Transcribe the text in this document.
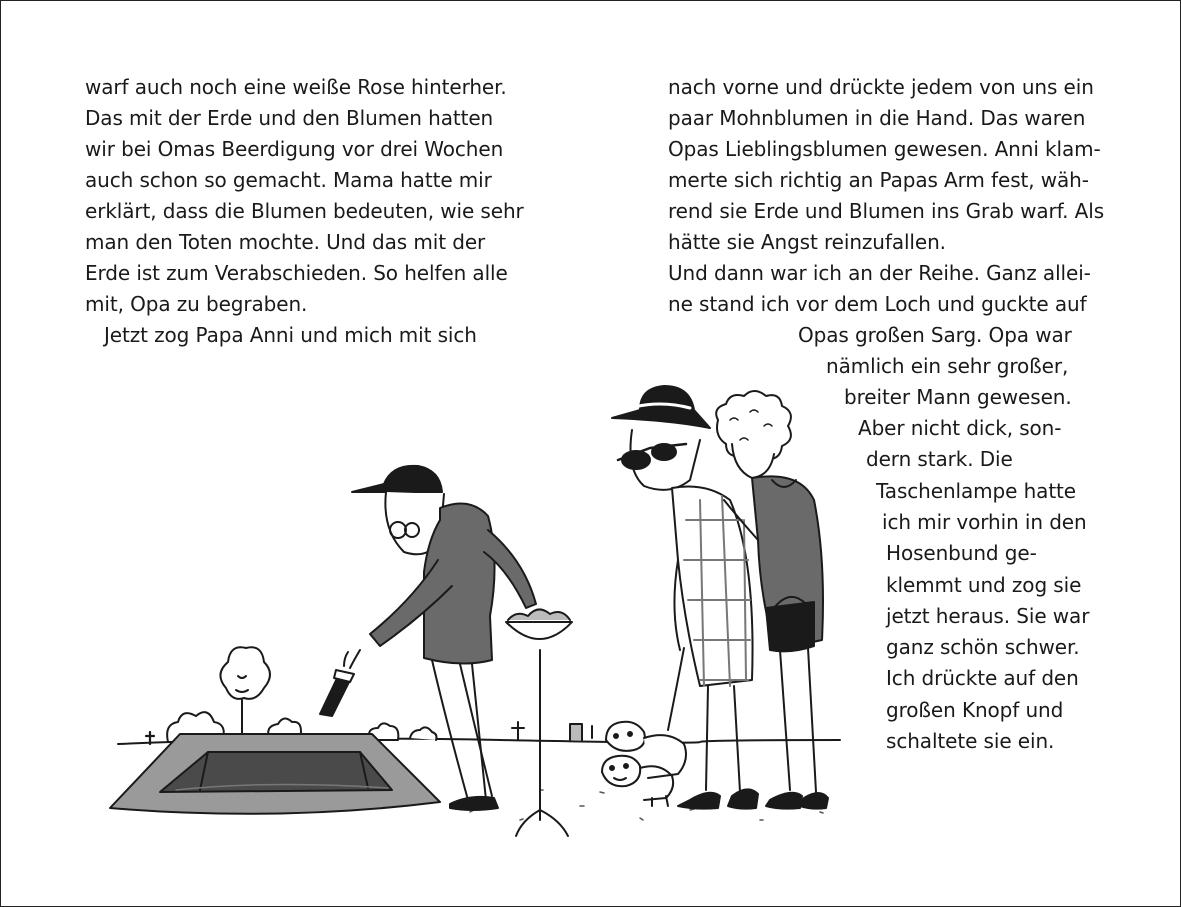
warf auch noch eine weiße Rose hinterher.
Das mit der Erde und den Blumen hatten
wir bei Omas Beerdigung vor drei Wochen
auch schon so gemacht. Mama hatte mir
erklärt, dass die Blumen bedeuten, wie sehr
man den Toten mochte. Und das mit der
Erde ist zum Verabschieden. So helfen alle
mit, Opa zu begraben.
Jetzt zog Papa Anni und mich mit sich
nach vorne und drückte jedem von uns ein
paar Mohnblumen in die Hand. Das waren
Opas Lieblingsblumen gewesen. Anni klam-
merte sich richtig an Papas Arm fest, wäh-
rend sie Erde und Blumen ins Grab warf. Als
hätte sie Angst reinzufallen.
Und dann war ich an der Reihe. Ganz allei-
ne stand ich vor dem Loch und guckte auf
Opas großen Sarg. Opa war
nämlich ein sehr großer,
breiter Mann gewesen.
Aber nicht dick, son-
dern stark. Die
Taschenlampe hatte
ich mir vorhin in den
Hosenbund ge-
klemmt und zog sie
jetzt heraus. Sie war
ganz schön schwer.
Ich drückte auf den
großen Knopf und
schaltete sie ein.
